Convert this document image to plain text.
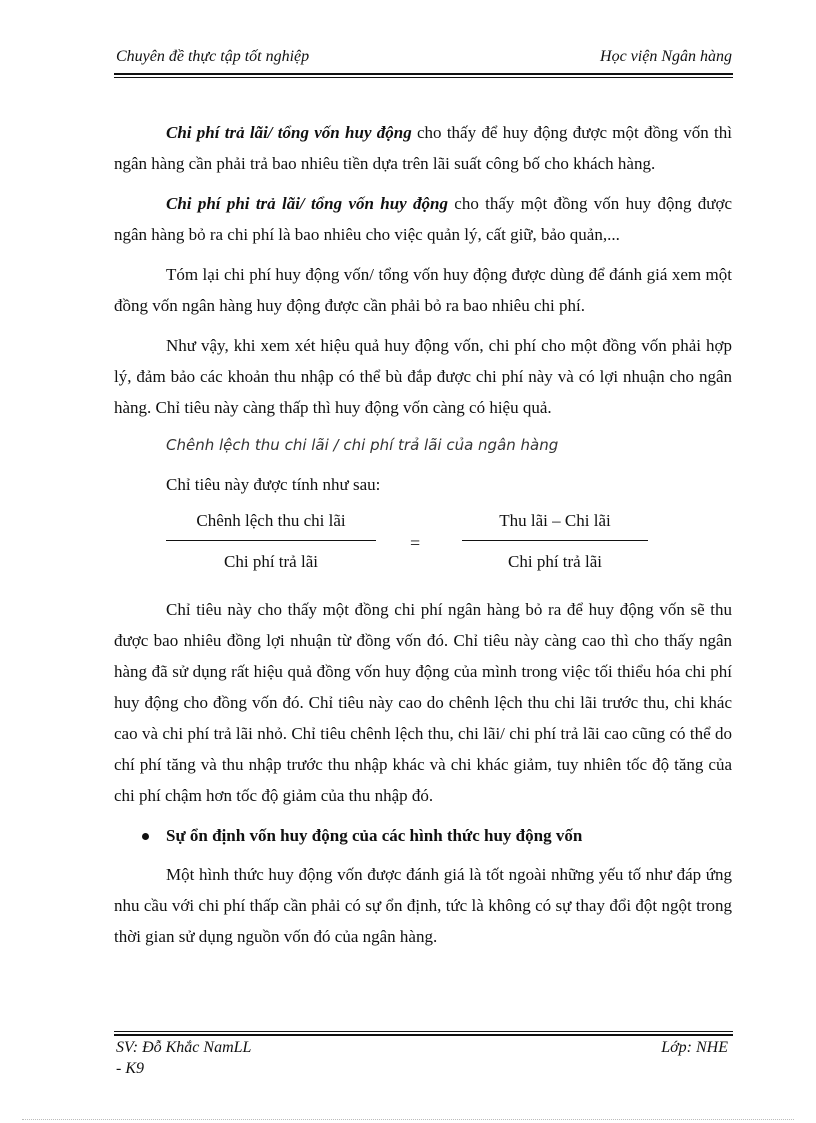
Chuyên đề thực tập tốt nghiệp	Học viện Ngân hàng

Chi phí trả lãi/ tổng vốn huy động cho thấy để huy động được một đồng vốn thì ngân hàng cần phải trả bao nhiêu tiền dựa trên lãi suất công bố cho khách hàng.

Chi phí phi trả lãi/ tổng vốn huy động cho thấy một đồng vốn huy động được ngân hàng bỏ ra chi phí là bao nhiêu cho việc quản lý, cất giữ, bảo quản,...

Tóm lại chi phí huy động vốn/ tổng vốn huy động được dùng để đánh giá xem một đồng vốn ngân hàng huy động được cần phải bỏ ra bao nhiêu chi phí.

Như vậy, khi xem xét hiệu quả huy động vốn, chi phí cho một đồng vốn phải hợp lý, đảm bảo các khoản thu nhập có thể bù đắp được chi phí này và có lợi nhuận cho ngân hàng. Chỉ tiêu này càng thấp thì huy động vốn càng có hiệu quả.

Chênh lệch thu chi lãi / chi phí trả lãi của ngân hàng
Chỉ tiêu này được tính như sau:
Chênh lệch thu chi lãi
Chi phí trả lãi
=
Thu lãi – Chi lãi
Chi phí trả lãi

Chỉ tiêu này cho thấy một đồng chi phí ngân hàng bỏ ra để huy động vốn sẽ thu được bao nhiêu đồng lợi nhuận từ đồng vốn đó. Chỉ tiêu này càng cao thì cho thấy ngân hàng đã sử dụng rất hiệu quả đồng vốn huy động của mình trong việc tối thiểu hóa chi phí huy động cho đồng vốn đó. Chỉ tiêu này cao do chênh lệch thu chi lãi trước thu, chi khác cao và chi phí trả lãi nhỏ. Chỉ tiêu chênh lệch thu, chi lãi/ chi phí trả lãi cao cũng có thể do chí phí tăng và thu nhập trước thu nhập khác và chi khác giảm, tuy nhiên tốc độ tăng của chi phí chậm hơn tốc độ giảm của thu nhập đó.

Sự ổn định vốn huy động của các hình thức huy động vốn

Một hình thức huy động vốn được đánh giá là tốt ngoài những yếu tố như đáp ứng nhu cầu với chi phí thấp cần phải có sự ổn định, tức là không có sự thay đổi đột ngột trong thời gian sử dụng nguồn vốn đó của ngân hàng.

SV: Đỗ Khắc NamLL
- K9
Lớp: NHE
